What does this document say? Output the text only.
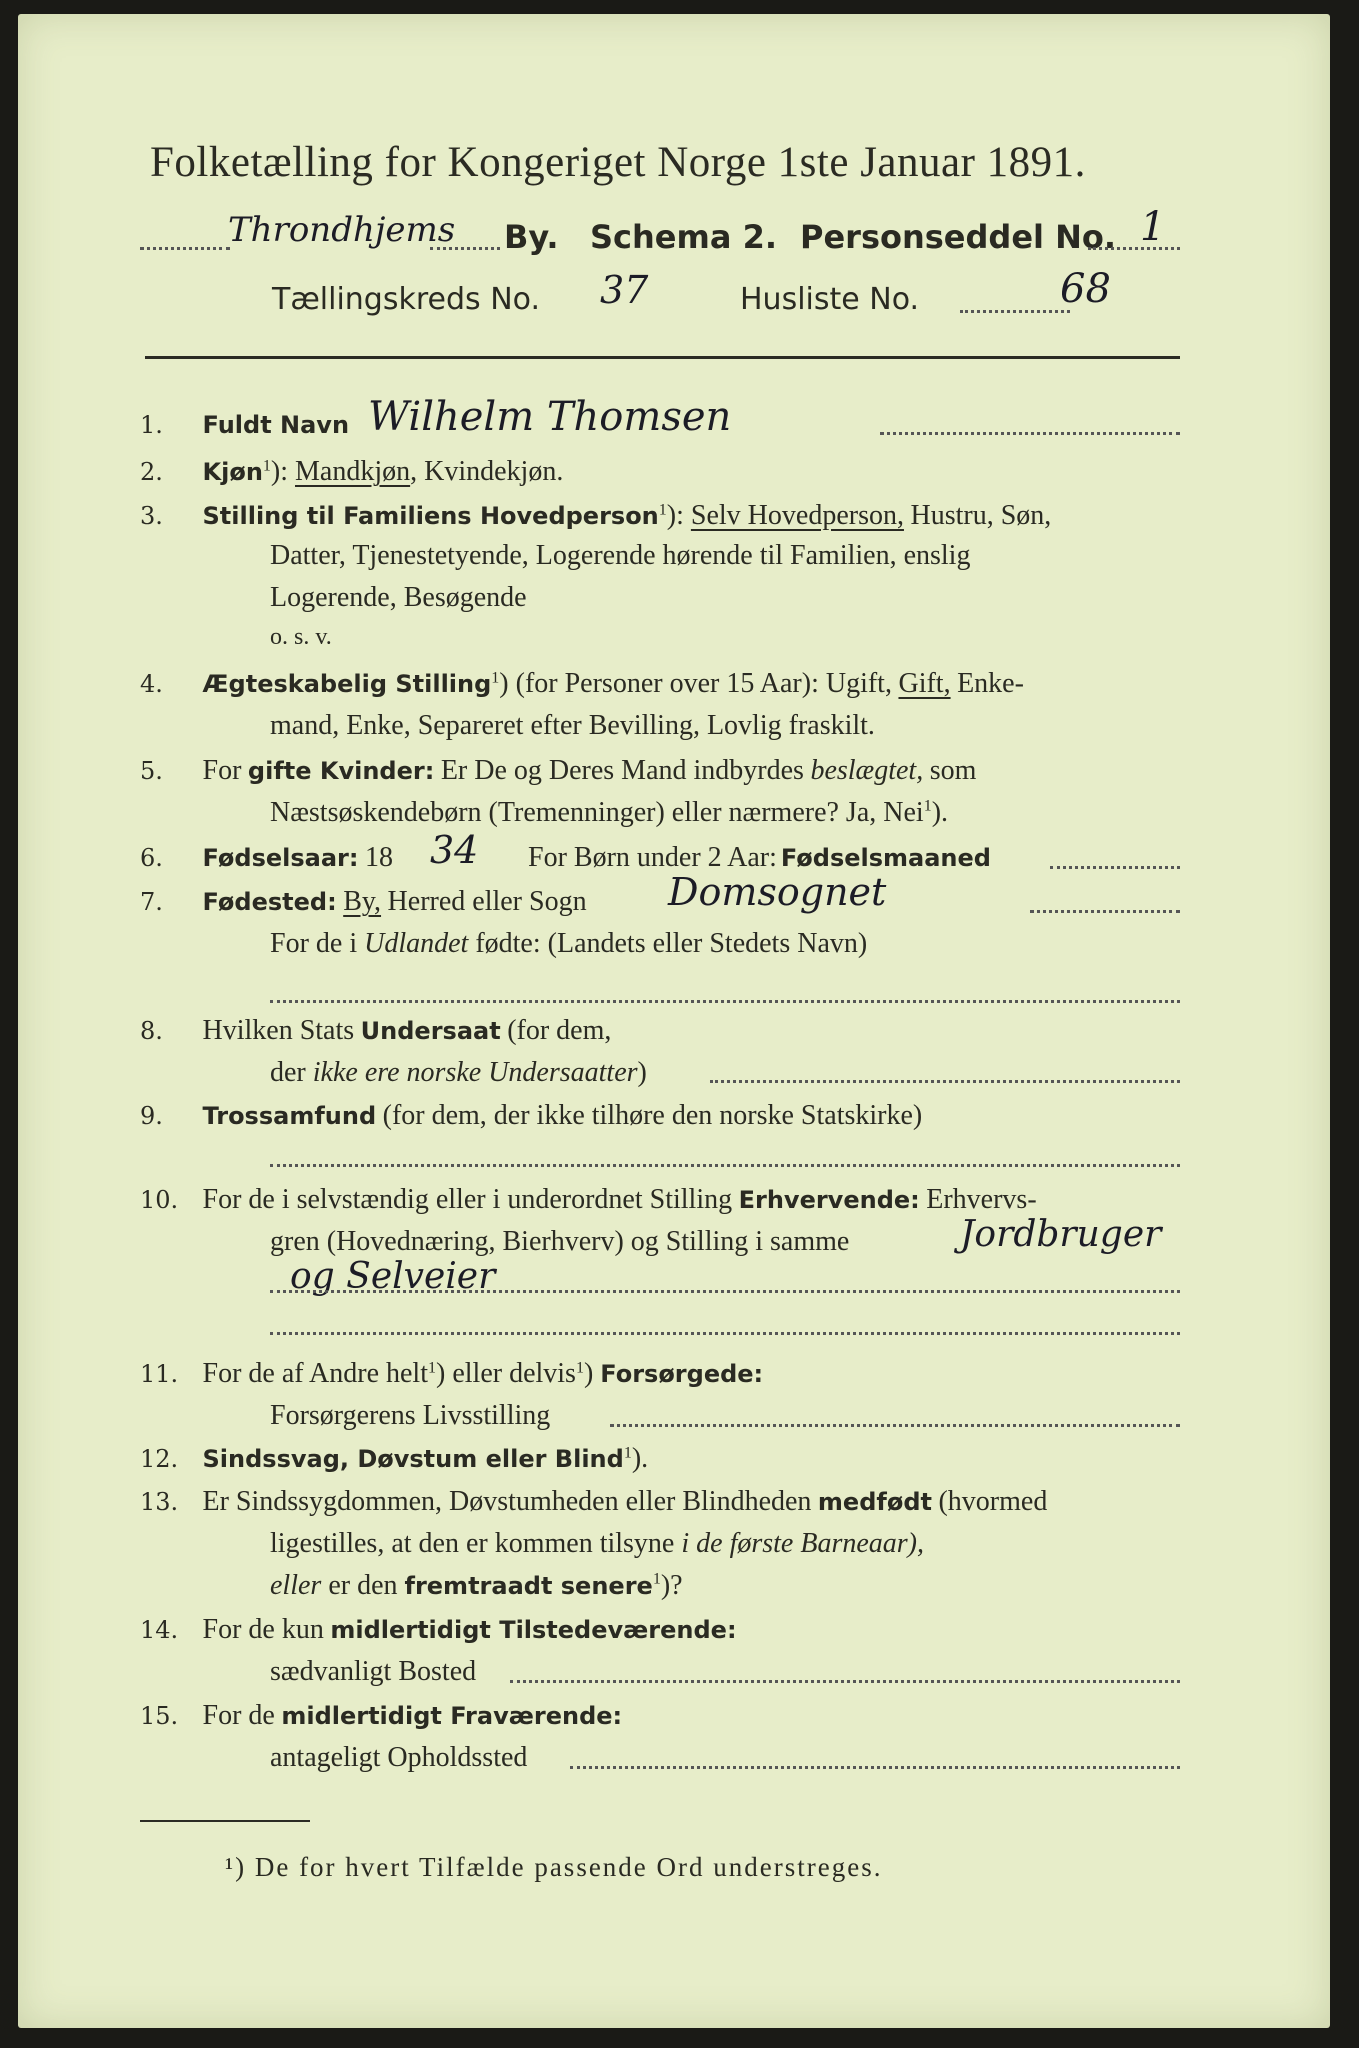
Folketælling for Kongeriget Norge 1ste Januar 1891.
Throndhjems By. Schema 2. Personseddel No. 1
Tællingskreds No. 37	Husliste No.	68
1. Fuldt Navn Wilhelm Thomsen
2. Kjøn$^1$): Mandkjøn, Kvindekjøn.
3. Stilling til Familiens Hovedperson$^1$): Selv Hovedperson, Hustru, Søn,
Datter, Tjenestetyende, Logerende hørende til Familien, enslig
Logerende, Besøgende
o. s. v.
4. Ægteskabelig Stilling$^1$) (for Personer over 15 Aar): Ugift, Gift, Enke-
mand, Enke, Separeret efter Bevilling, Lovlig fraskilt.
5. For gifte Kvinder: Er De og Deres Mand indbyrdes beslægtet, som
Næstsøskendebørn (Tremenninger) eller nærmere? Ja, Nei$^1$).
6. Fødselsaar: 18 34 For Børn under 2 Aar: Fødselsmaaned
7. Fødested: By, Herred eller Sogn Domsognet
For de i Udlandet fødte: (Landets eller Stedets Navn)
8. Hvilken Stats Undersaat (for dem,
der ikke ere norske Undersaatter)
9. Trossamfund (for dem, der ikke tilhøre den norske Statskirke)
10. For de i selvstændig eller i underordnet Stilling Erhvervende: Erhvervs-
gren (Hovednæring, Bierhverv) og Stilling i samme	Jordbruger
og Selveier
11. For de af Andre helt$^1$) eller delvis$^1$) Forsørgede:
Forsørgerens Livsstilling
12. Sindssvag, Døvstum eller Blind$^1$).
13. Er Sindssygdommen, Døvstumheden eller Blindheden medfødt (hvormed
ligestilles, at den er kommen tilsyne i de første Barneaar),
eller er den fremtraadt senere$^1$)?
14. For de kun midlertidigt Tilstedeværende:
sædvanligt Bosted
15. For de midlertidigt Fraværende:
antageligt Opholdssted
¹) De for hvert Tilfælde passende Ord understreges.
